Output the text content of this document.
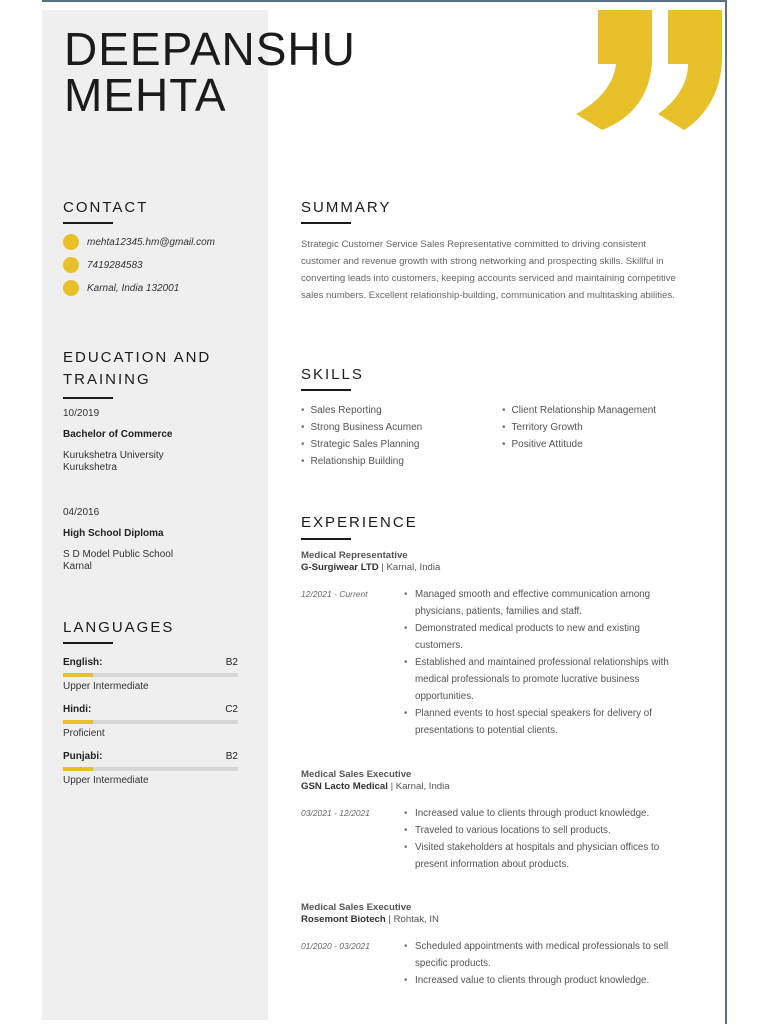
DEEPANSHU
MEHTA
CONTACT
mehta12345.hm@gmail.com
7419284583
Karnal, India 132001
EDUCATION AND
TRAINING
10/2019
Bachelor of Commerce
Kurukshetra University
Kurukshetra
04/2016
High School Diploma
S D Model Public School
Karnal
LANGUAGES
English:	B2
Upper Intermediate
Hindi:	C2
Proficient
Punjabi:	B2
Upper Intermediate
SUMMARY
Strategic Customer Service Sales Representative committed to driving consistent customer and revenue growth with strong networking and prospecting skills. Skillful in converting leads into customers, keeping accounts serviced and maintaining competitive sales numbers. Excellent relationship-building, communication and multitasking abilities.
SKILLS
• Sales Reporting
• Strong Business Acumen
• Strategic Sales Planning
• Relationship Building
• Client Relationship Management
• Territory Growth
• Positive Attitude
EXPERIENCE
Medical Representative
G-Surgiwear LTD | Karnal, India
12/2021 - Current	• Managed smooth and effective communication among physicians, patients, families and staff.
• Demonstrated medical products to new and existing customers.
• Established and maintained professional relationships with medical professionals to promote lucrative business opportunities.
• Planned events to host special speakers for delivery of presentations to potential clients.
Medical Sales Executive
GSN Lacto Medical | Karnal, India
03/2021 - 12/2021	• Increased value to clients through product knowledge.
• Traveled to various locations to sell products.
• Visited stakeholders at hospitals and physician offices to present information about products.
Medical Sales Executive
Rosemont Biotech | Rohtak, IN
01/2020 - 03/2021	• Scheduled appointments with medical professionals to sell specific products.
• Increased value to clients through product knowledge.
